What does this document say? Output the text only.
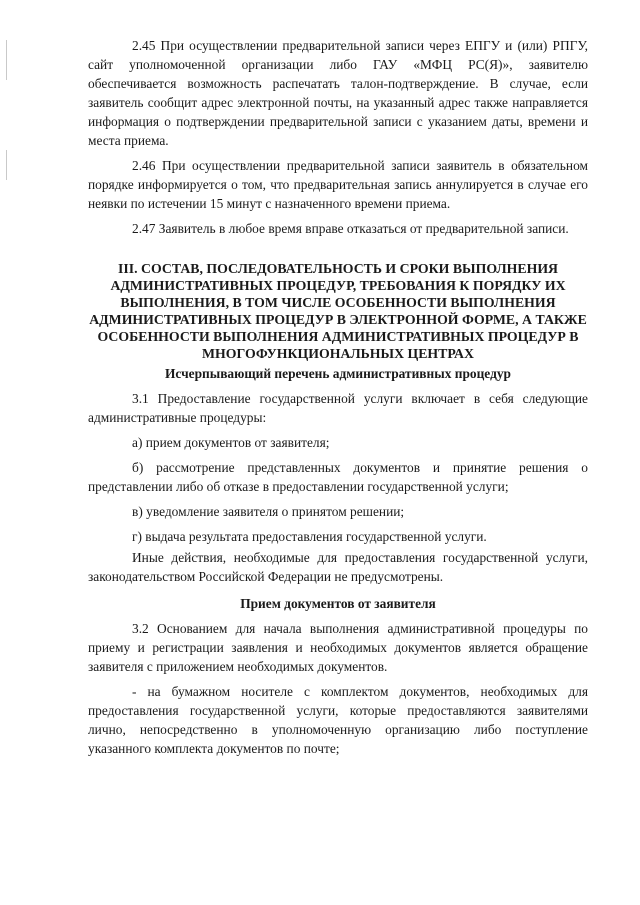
2.45 При осуществлении предварительной записи через ЕПГУ и (или) РПГУ, сайт уполномоченной организации либо ГАУ «МФЦ РС(Я)», заявителю обеспечивается возможность распечатать талон-подтверждение. В случае, если заявитель сообщит адрес электронной почты, на указанный адрес также направляется информация о подтверждении предварительной записи с указанием даты, времени и места приема.

2.46 При осуществлении предварительной записи заявитель в обязательном порядке информируется о том, что предварительная запись аннулируется в случае его неявки по истечении 15 минут с назначенного времени приема.

2.47 Заявитель в любое время вправе отказаться от предварительной записи.

III. СОСТАВ, ПОСЛЕДОВАТЕЛЬНОСТЬ И СРОКИ ВЫПОЛНЕНИЯ АДМИНИСТРАТИВНЫХ ПРОЦЕДУР, ТРЕБОВАНИЯ К ПОРЯДКУ ИХ ВЫПОЛНЕНИЯ, В ТОМ ЧИСЛЕ ОСОБЕННОСТИ ВЫПОЛНЕНИЯ АДМИНИСТРАТИВНЫХ ПРОЦЕДУР В ЭЛЕКТРОННОЙ ФОРМЕ, А ТАКЖЕ ОСОБЕННОСТИ ВЫПОЛНЕНИЯ АДМИНИСТРАТИВНЫХ ПРОЦЕДУР В МНОГОФУНКЦИОНАЛЬНЫХ ЦЕНТРАХ

Исчерпывающий перечень административных процедур

3.1 Предоставление государственной услуги включает в себя следующие административные процедуры:

а) прием документов от заявителя;

б) рассмотрение представленных документов и принятие решения о представлении либо об отказе в предоставлении государственной услуги;

в) уведомление заявителя о принятом решении;

г) выдача результата предоставления государственной услуги.

Иные действия, необходимые для предоставления государственной услуги, законодательством Российской Федерации не предусмотрены.

Прием документов от заявителя

3.2 Основанием для начала выполнения административной процедуры по приему и регистрации заявления и необходимых документов является обращение заявителя с приложением необходимых документов.

- на бумажном носителе с комплектом документов, необходимых для предоставления государственной услуги, которые предоставляются заявителями лично, непосредственно в уполномоченную организацию либо поступление указанного комплекта документов по почте;
